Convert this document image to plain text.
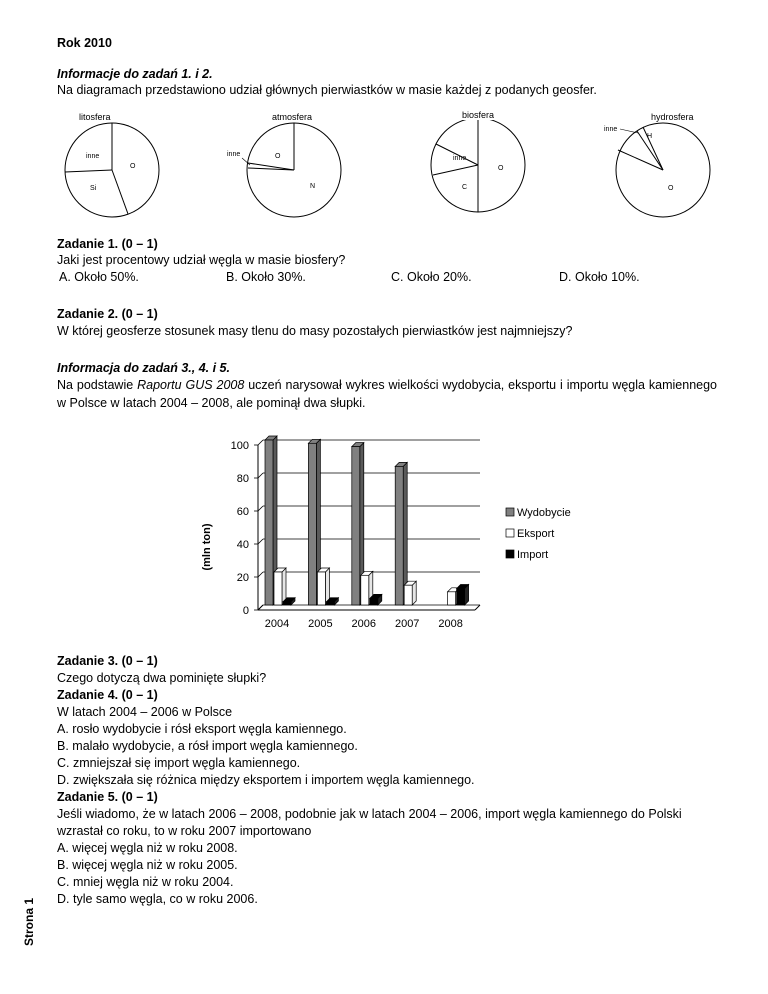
Rok 2010
Informacje do zadań 1. i 2.
Na diagramach przedstawiono udział głównych pierwiastków w masie każdej z podanych geosfer.
litosfera	atmosfera	biosfera	hydrosfera
inne
O
Si
inne	O
N
inne
O
C
inne
H
O
Zadanie 1. (0 – 1)
Jaki jest procentowy udział węgla w masie biosfery?
A. Około 50%.	B. Około 30%.	C. Około 20%.	D. Około 10%.
Zadanie 2. (0 – 1)
W której geosferze stosunek masy tlenu do masy pozostałych pierwiastków jest najmniejszy?
Informacja do zadań 3., 4. i 5.
Na podstawie Raportu GUS 2008 uczeń narysował wykres wielkości wydobycia, eksportu i importu węgla kamiennego w Polsce w latach 2004 – 2008, ale pominął dwa słupki.
0
20
40
60
80
100
2004 2005 2006 2007 2008
(mln ton)
Wydobycie
Eksport
Import
Zadanie 3. (0 – 1)
Czego dotyczą dwa pominięte słupki?
Zadanie 4. (0 – 1)
W latach 2004 – 2006 w Polsce
A. rosło wydobycie i rósł eksport węgla kamiennego.
B. malało wydobycie, a rósł import węgla kamiennego.
C. zmniejszał się import węgla kamiennego.
D. zwiększała się różnica między eksportem i importem węgla kamiennego.
Zadanie 5. (0 – 1)
Jeśli wiadomo, że w latach 2006 – 2008, podobnie jak w latach 2004 – 2006, import węgla kamiennego do Polski
wzrastał co roku, to w roku 2007 importowano
A. więcej węgla niż w roku 2008.
B. więcej węgla niż w roku 2005.
C. mniej węgla niż w roku 2004.
D. tyle samo węgla, co w roku 2006.
Strona 1
